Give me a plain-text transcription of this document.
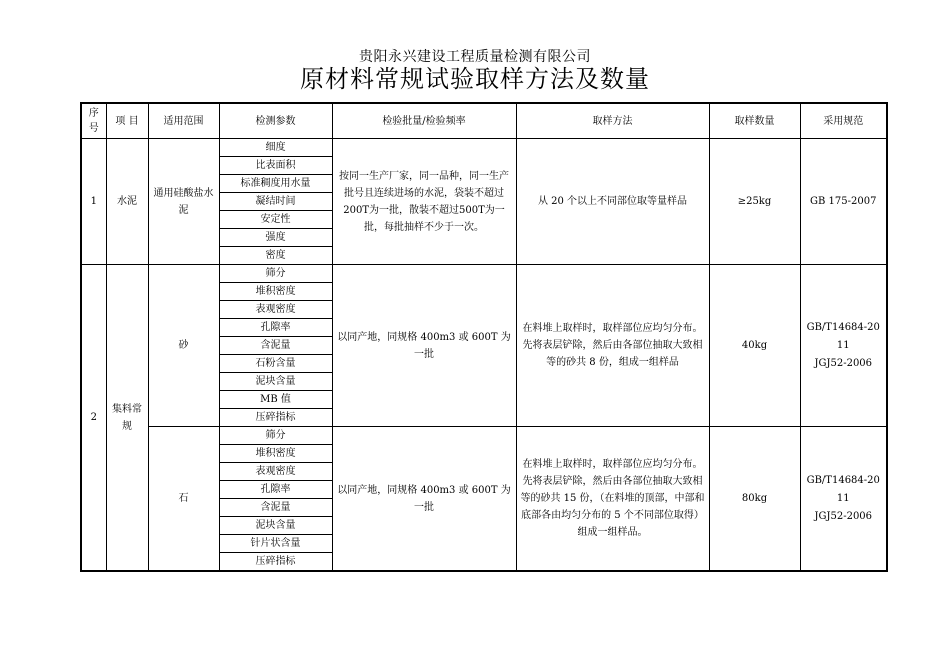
贵阳永兴建设工程质量检测有限公司
原材料常规试验取样方法及数量
序号	项 目	适用范围	检测参数	检验批量/检验频率	取样方法	取样数量	采用规范
1	水泥	通用硅酸盐水泥	细度	按同一生产厂家，同一品种，同一生产批号且连续进场的水泥，袋装不超过200T为一批，散装不超过500T为一批，每批抽样不少于一次。	从 20 个以上不同部位取等量样品	≥25kg	GB 175-2007
			比表面积				
			标准稠度用水量				
			凝结时间				
			安定性				
			强度				
			密度				
2	集料常规	砂	筛分	以同产地，同规格 400m3 或 600T 为一批	在料堆上取样时，取样部位应均匀分布。先将表层铲除，然后由各部位抽取大致相等的砂共 8 份，组成一组样品	40kg	GB/T14684-2011
JGJ52-2006

			堆积密度				
			表观密度				
			孔隙率				
			含泥量				
			石粉含量				
			泥块含量				
			MB 值				
			压碎指标				
		石	筛分	以同产地，同规格 400m3 或 600T 为一批	在料堆上取样时，取样部位应均匀分布。先将表层铲除，然后由各部位抽取大致相等的砂共 15 份，（在料堆的顶部，中部和底部各由均匀分布的 5 个不同部位取得）组成一组样品。	80kg	GB/T14684-2011
JGJ52-2006

			堆积密度				
			表观密度				
			孔隙率				
			含泥量				
			泥块含量				
			针片状含量				
			压碎指标				
